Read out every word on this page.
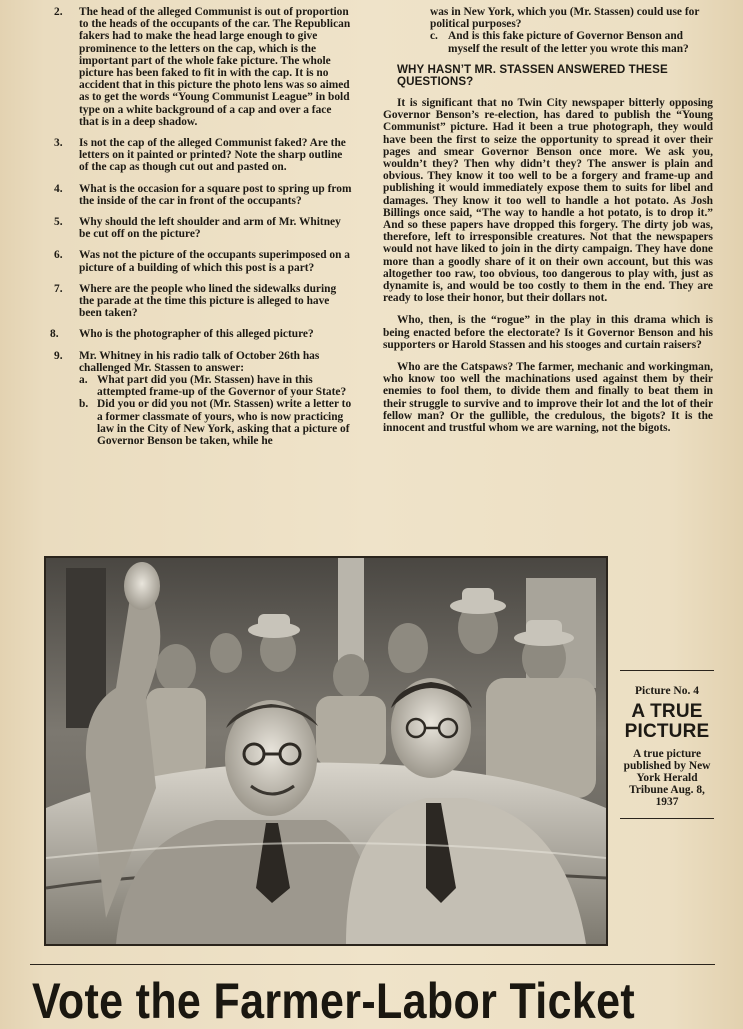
2. The head of the alleged Communist is out of proportion to the heads of the occupants of the car. The Republican fakers had to make the head large enough to give prominence to the letters on the cap, which is the important part of the whole fake picture. The whole picture has been faked to fit in with the cap. It is no accident that in this picture the photo lens was so aimed as to get the words “Young Communist League” in bold type on a white background of a cap and over a face that is in a deep shadow.
3. Is not the cap of the alleged Communist faked? Are the letters on it painted or printed? Note the sharp outline of the cap as though cut out and pasted on.
4. What is the occasion for a square post to spring up from the inside of the car in front of the occupants?
5. Why should the left shoulder and arm of Mr. Whitney be cut off on the picture?
6. Was not the picture of the occupants superimposed on a picture of a building of which this post is a part?
7. Where are the people who lined the sidewalks during the parade at the time this picture is alleged to have been taken?
8. Who is the photographer of this alleged picture?
9. Mr. Whitney in his radio talk of October 26th has challenged Mr. Stassen to answer:
a. What part did you (Mr. Stassen) have in this attempted frame-up of the Governor of your State?
b. Did you or did you not (Mr. Stassen) write a letter to a former classmate of yours, who is now practicing law in the City of New York, asking that a picture of Governor Benson be taken, while he
was in New York, which you (Mr. Stassen) could use for political purposes?
c. And is this fake picture of Governor Benson and myself the result of the letter you wrote this man?
WHY HASN’T MR. STASSEN ANSWERED THESE QUESTIONS?

It is significant that no Twin City newspaper bitterly opposing Governor Benson’s re-election, has dared to publish the “Young Communist” picture. Had it been a true photograph, they would have been the first to seize the opportunity to spread it over their pages and smear Governor Benson once more. We ask you, wouldn’t they? Then why didn’t they? The answer is plain and obvious. They know it too well to be a forgery and frame-up and publishing it would immediately expose them to suits for libel and damages. They know it too well to handle a hot potato. As Josh Billings once said, “The way to handle a hot potato, is to drop it.” And so these papers have dropped this forgery. The dirty job was, therefore, left to irresponsible creatures. Not that the newspapers would not have liked to join in the dirty campaign. They have done more than a goodly share of it on their own account, but this was altogether too raw, too obvious, too dangerous to play with, just as dynamite is, and would be too costly to them in the end. They are ready to lose their honor, but their dollars not.

Who, then, is the “rogue” in the play in this drama which is being enacted before the electorate? Is it Governor Benson and his supporters or Harold Stassen and his stooges and curtain raisers?

Who are the Catspaws? The farmer, mechanic and workingman, who know too well the machinations used against them by their enemies to fool them, to divide them and finally to beat them in their struggle to survive and to improve their lot and the lot of their fellow man? Or the gullible, the credulous, the bigots? It is the innocent and trustful whom we are warning, not the bigots.

Picture No. 4
A TRUE
PICTURE
A true picture published by New York Herald Tribune Aug. 8, 1937
Vote the Farmer-Labor Ticket
